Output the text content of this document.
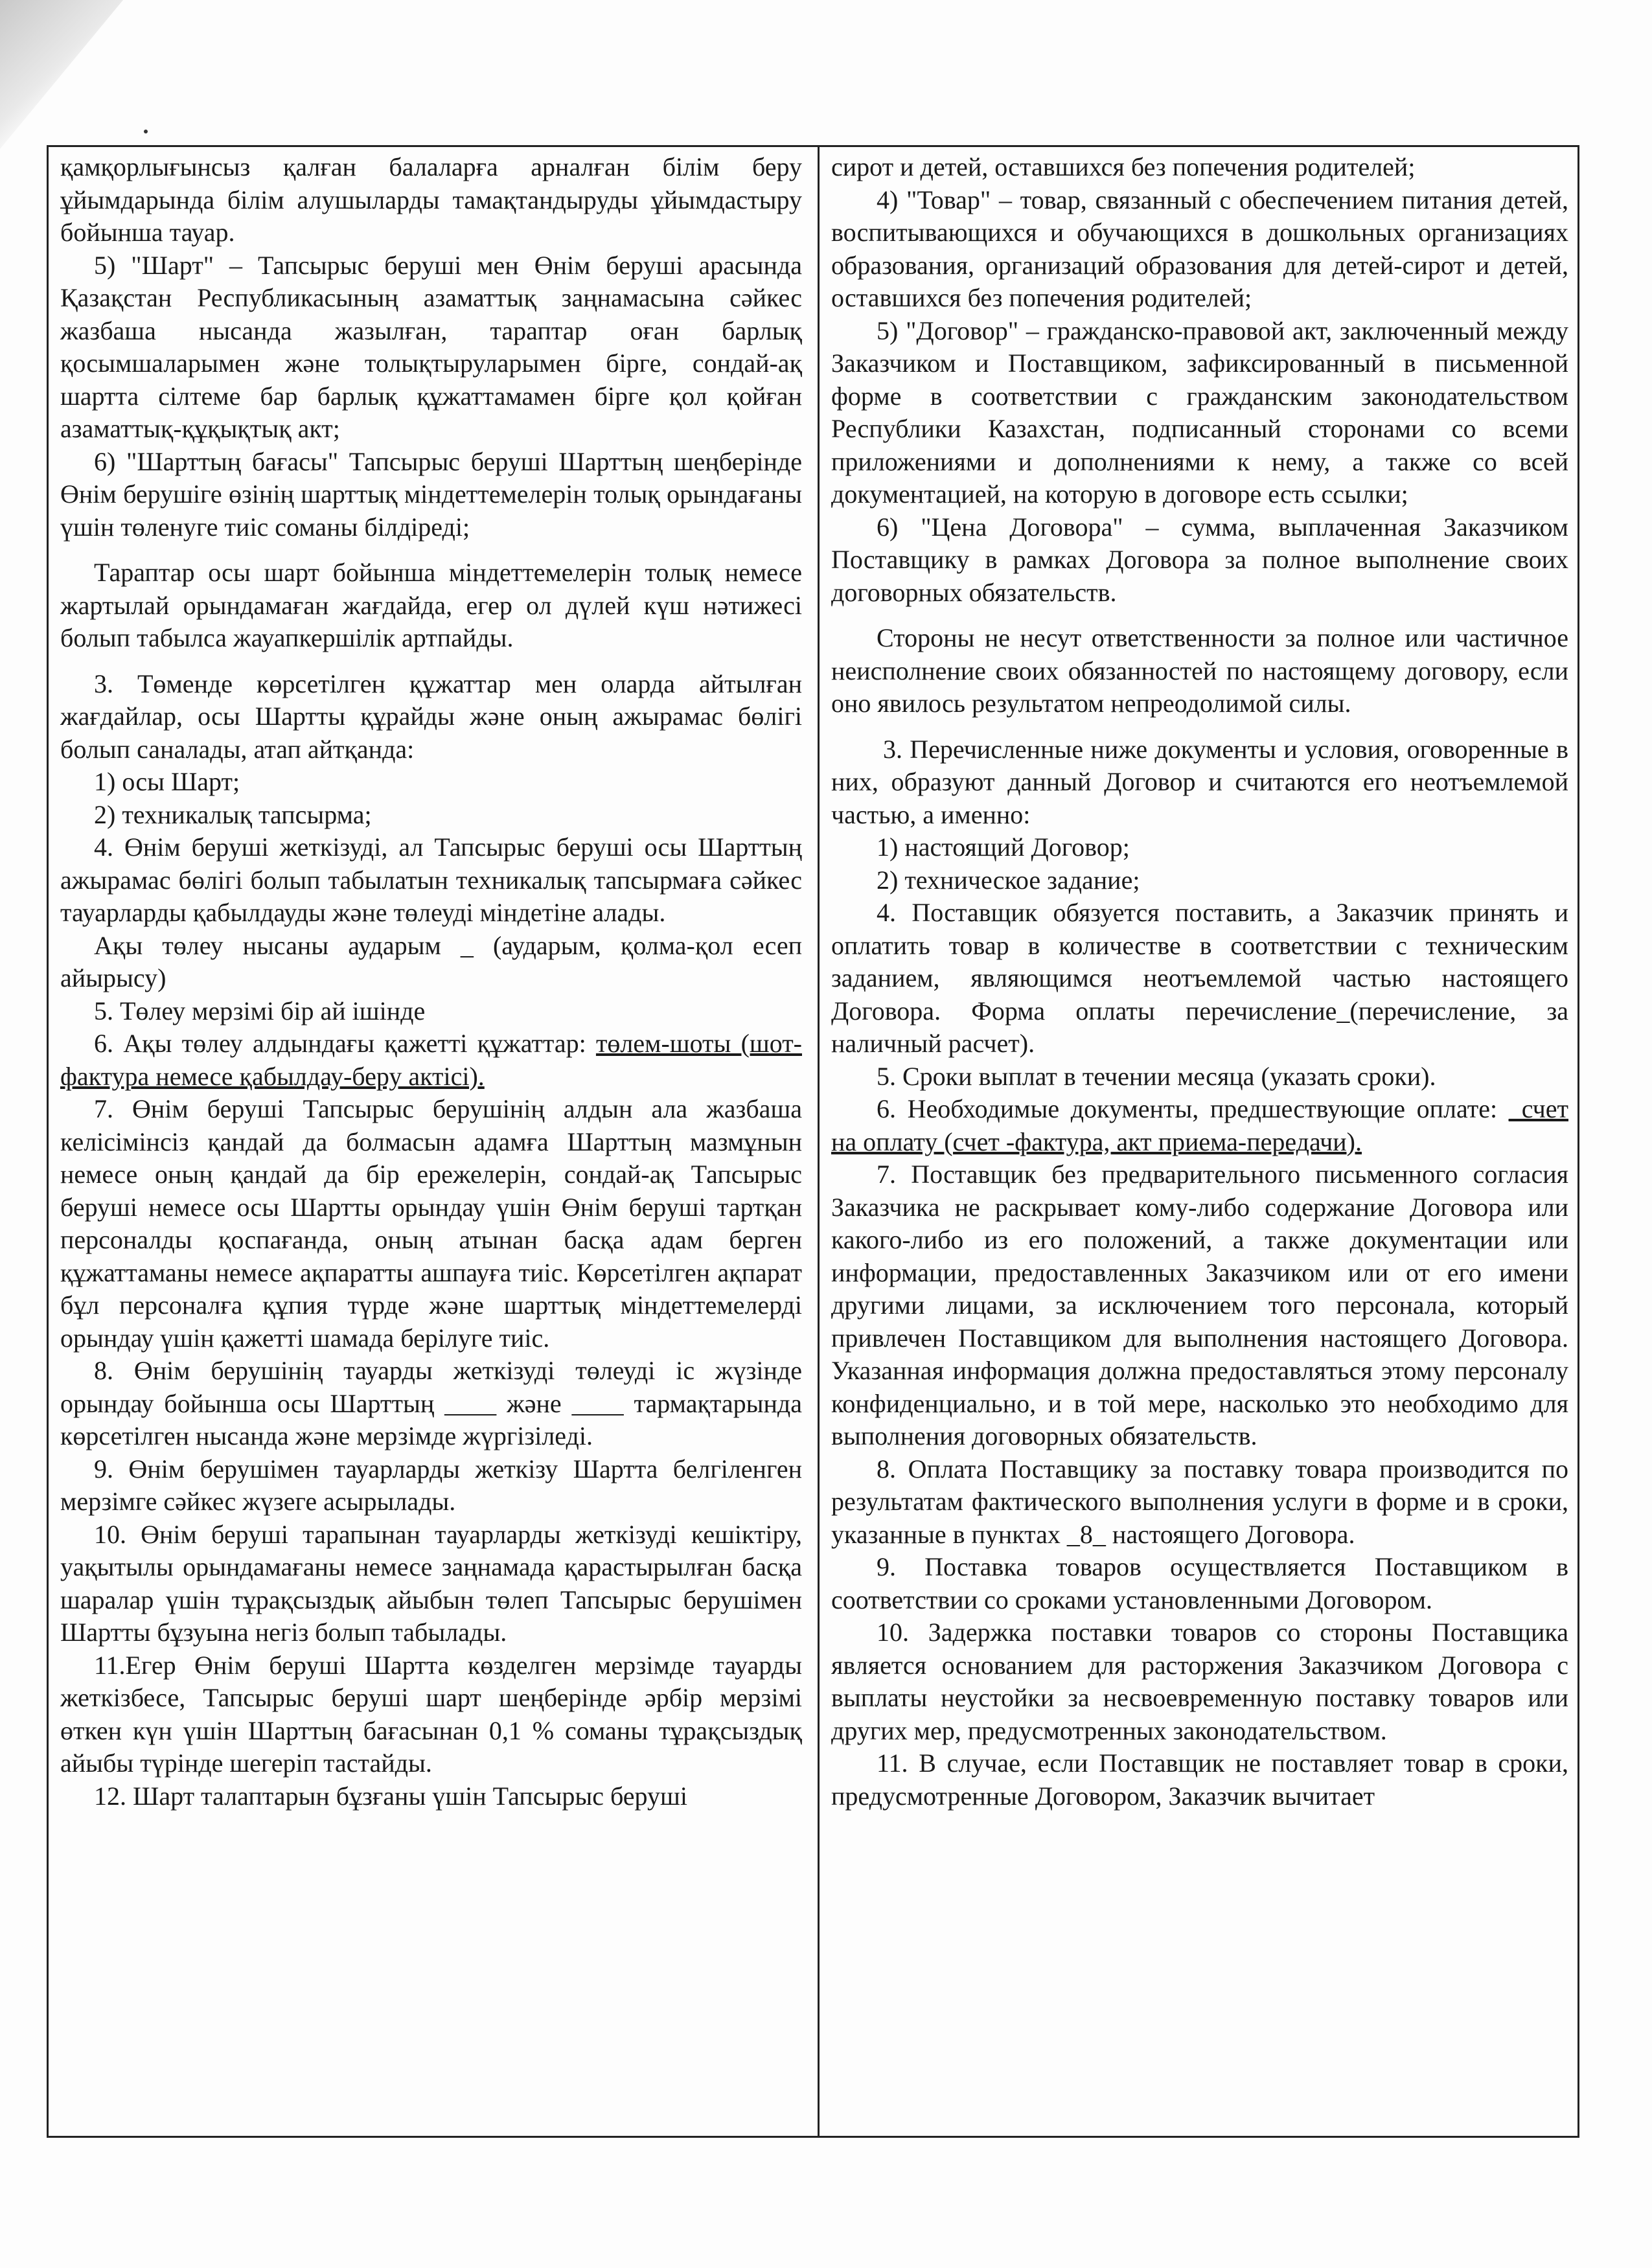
қамқорлығынсыз қалған балаларға арналған білім беру ұйымдарында білім алушыларды тамақтандыруды ұйымдастыру бойынша тауар.

5) "Шарт" – Тапсырыс беруші мен Өнім беруші арасында Қазақстан Республикасының азаматтық заңнамасына сәйкес жазбаша нысанда жазылған, тараптар оған барлық қосымшаларымен және толықтыруларымен бірге, сондай-ақ шартта сілтеме бар барлық құжаттамамен бірге қол қойған азаматтық-құқықтық акт;

6) "Шарттың бағасы" Тапсырыс беруші Шарттың шеңберінде Өнім берушіге өзінің шарттық міндеттемелерін толық орындағаны үшін төленуге тиіс соманы білдіреді;

Тараптар осы шарт бойынша міндеттемелерін толық немесе жартылай орындамаған жағдайда, егер ол дүлей күш нәтижесі болып табылса жауапкершілік артпайды.

3. Төменде көрсетілген құжаттар мен оларда айтылған жағдайлар, осы Шартты құрайды және оның ажырамас бөлігі болып саналады, атап айтқанда:

1) осы Шарт;

2) техникалық тапсырма;

4. Өнім беруші жеткізуді, ал Тапсырыс беруші осы Шарттың ажырамас бөлігі болып табылатын техникалық тапсырмаға сәйкес тауарларды қабылдауды және төлеуді міндетіне алады.

Ақы төлеу нысаны аударым _ (аударым, қолма-қол есеп айырысу)

5. Төлеу мерзімі бір ай ішінде

6. Ақы төлеу алдындағы қажетті құжаттар: төлем-шоты (шот-фактура немесе қабылдау-беру актісі).

7. Өнім беруші Тапсырыс берушінің алдын ала жазбаша келісімінсіз қандай да болмасын адамға Шарттың мазмұнын немесе оның қандай да бір ережелерін, сондай-ақ Тапсырыс беруші немесе осы Шартты орындау үшін Өнім беруші тартқан персоналды қоспағанда, оның атынан басқа адам берген құжаттаманы немесе ақпаратты ашпауға тиіс. Көрсетілген ақпарат бұл персоналға құпия түрде және шарттық міндеттемелерді орындау үшін қажетті шамада берілуге тиіс.

8. Өнім берушінің тауарды жеткізуді төлеуді іс жүзінде орындау бойынша осы Шарттың ____ және ____ тармақтарында көрсетілген нысанда және мерзімде жүргізіледі.

9. Өнім берушімен тауарларды жеткізу Шартта белгіленген мерзімге сәйкес жүзеге асырылады.

10. Өнім беруші тарапынан тауарларды жеткізуді кешіктіру, уақытылы орындамағаны немесе заңнамада қарастырылған басқа шаралар үшін тұрақсыздық айыбын төлеп Тапсырыс берушімен Шартты бұзуына негіз болып табылады.

11.Егер Өнім беруші Шартта көзделген мерзімде тауарды жеткізбесе, Тапсырыс беруші шарт шеңберінде әрбір мерзімі өткен күн үшін Шарттың бағасынан 0,1 % соманы тұрақсыздық айыбы түрінде шегеріп тастайды.

12. Шарт талаптарын бұзғаны үшін Тапсырыс беруші

сирот и детей, оставшихся без попечения родителей;

4) "Товар" – товар, связанный с обеспечением питания детей, воспитывающихся и обучающихся в дошкольных организациях образования, организаций образования для детей-сирот и детей, оставшихся без попечения родителей;

5) "Договор" – гражданско-правовой акт, заключенный между Заказчиком и Поставщиком, зафиксированный в письменной форме в соответствии с гражданским законодательством Республики Казахстан, подписанный сторонами со всеми приложениями и дополнениями к нему, а также со всей документацией, на которую в договоре есть ссылки;

6) "Цена Договора" – сумма, выплаченная Заказчиком Поставщику в рамках Договора за полное выполнение своих договорных обязательств.

Стороны не несут ответственности за полное или частичное неисполнение своих обязанностей по настоящему договору, если оно явилось результатом непреодолимой силы.

3. Перечисленные ниже документы и условия, оговоренные в них, образуют данный Договор и считаются его неотъемлемой частью, а именно:

1) настоящий Договор;

2) техническое задание;

4. Поставщик обязуется поставить, а Заказчик принять и оплатить товар в количестве в соответствии с техническим заданием, являющимся неотъемлемой частью настоящего Договора. Форма оплаты перечисление_(перечисление, за наличный расчет).

5. Сроки выплат в течении месяца (указать сроки).

6. Необходимые документы, предшествующие оплате: _счет на оплату (счет -фактура, акт приема-передачи).

7. Поставщик без предварительного письменного согласия Заказчика не раскрывает кому-либо содержание Договора или какого-либо из его положений, а также документации или информации, предоставленных Заказчиком или от его имени другими лицами, за исключением того персонала, который привлечен Поставщиком для выполнения настоящего Договора. Указанная информация должна предоставляться этому персоналу конфиденциально, и в той мере, насколько это необходимо для выполнения договорных обязательств.

8. Оплата Поставщику за поставку товара производится по результатам фактического выполнения услуги в форме и в сроки, указанные в пунктах _8_ настоящего Договора.

9. Поставка товаров осуществляется Поставщиком в соответствии со сроками установленными Договором.

10. Задержка поставки товаров со стороны Поставщика является основанием для расторжения Заказчиком Договора с выплаты неустойки за несвоевременную поставку товаров или других мер, предусмотренных законодательством.

11. В случае, если Поставщик не поставляет товар в сроки, предусмотренные Договором, Заказчик вычитает
